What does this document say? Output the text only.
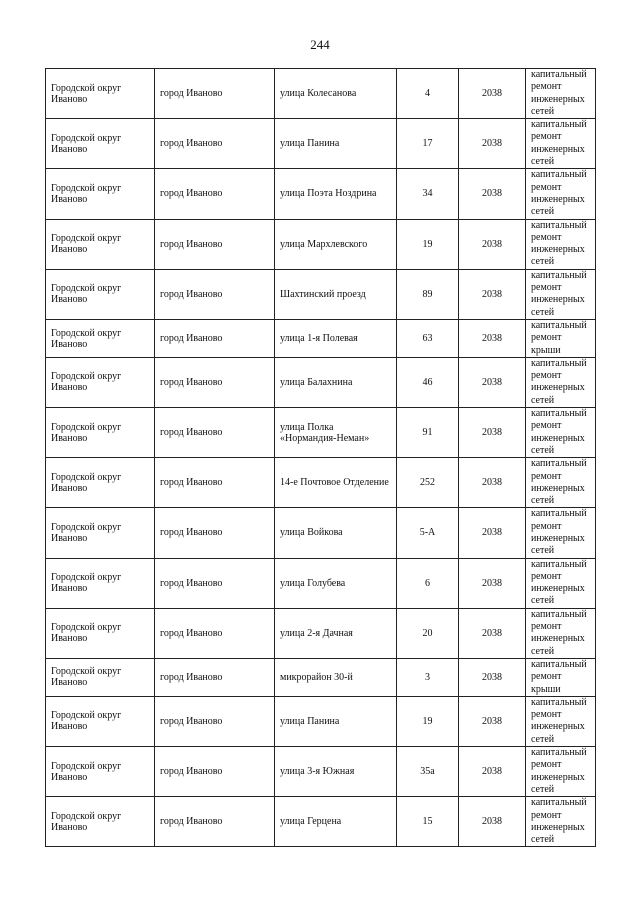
244
Городской округ Иваново	город Иваново	улица Колесанова	4	2038	капитальный ремонт инженерных сетей
Городской округ Иваново	город Иваново	улица Панина	17	2038	капитальный ремонт инженерных сетей
Городской округ Иваново	город Иваново	улица Поэта Ноздрина	34	2038	капитальный ремонт инженерных сетей
Городской округ Иваново	город Иваново	улица Мархлевского	19	2038	капитальный ремонт инженерных сетей
Городской округ Иваново	город Иваново	Шахтинский проезд	89	2038	капитальный ремонт инженерных сетей
Городской округ Иваново	город Иваново	улица 1-я Полевая	63	2038	капитальный ремонт крыши
Городской округ Иваново	город Иваново	улица Балахнина	46	2038	капитальный ремонт инженерных сетей
Городской округ Иваново	город Иваново	улица Полка «Нормандия-Неман»	91	2038	капитальный ремонт инженерных сетей
Городской округ Иваново	город Иваново	14-е Почтовое Отделение	252	2038	капитальный ремонт инженерных сетей
Городской округ Иваново	город Иваново	улица Войкова	5-А	2038	капитальный ремонт инженерных сетей
Городской округ Иваново	город Иваново	улица Голубева	6	2038	капитальный ремонт инженерных сетей
Городской округ Иваново	город Иваново	улица 2-я Дачная	20	2038	капитальный ремонт инженерных сетей
Городской округ Иваново	город Иваново	микрорайон 30-й	3	2038	капитальный ремонт крыши
Городской округ Иваново	город Иваново	улица Панина	19	2038	капитальный ремонт инженерных сетей
Городской округ Иваново	город Иваново	улица 3-я Южная	35а	2038	капитальный ремонт инженерных сетей
Городской округ Иваново	город Иваново	улица Герцена	15	2038	капитальный ремонт инженерных сетей
